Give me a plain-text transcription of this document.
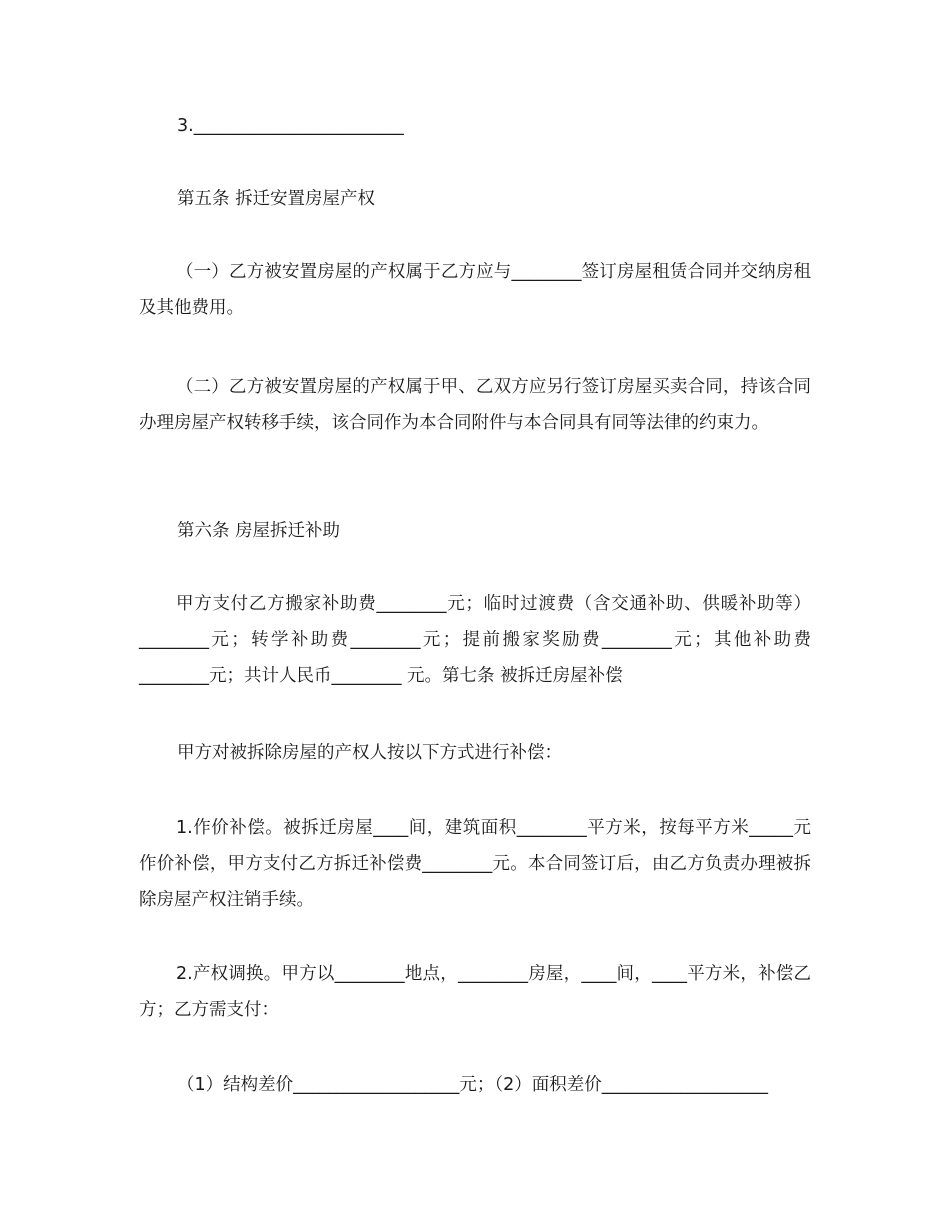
3.________________________
第五条 拆迁安置房屋产权
（一）乙方被安置房屋的产权属于乙方应与________签订房屋租赁合同并交纳房租及其他费用。
（二）乙方被安置房屋的产权属于甲、乙双方应另行签订房屋买卖合同，持该合同办理房屋产权转移手续，该合同作为本合同附件与本合同具有同等法律的约束力。
第六条 房屋拆迁补助
甲方支付乙方搬家补助费________元；临时过渡费（含交通补助、供暖补助等）________元；转学补助费________元；提前搬家奖励费________元；其他补助费________元；共计人民币________ 元。第七条 被拆迁房屋补偿
甲方对被拆除房屋的产权人按以下方式进行补偿：
1.作价补偿。被拆迁房屋____间，建筑面积________平方米，按每平方米_____元作价补偿，甲方支付乙方拆迁补偿费________元。本合同签订后，由乙方负责办理被拆除房屋产权注销手续。
2.产权调换。甲方以________地点，________房屋，____间，____平方米，补偿乙方；乙方需支付：
（1）结构差价___________________元；（2）面积差价___________________
